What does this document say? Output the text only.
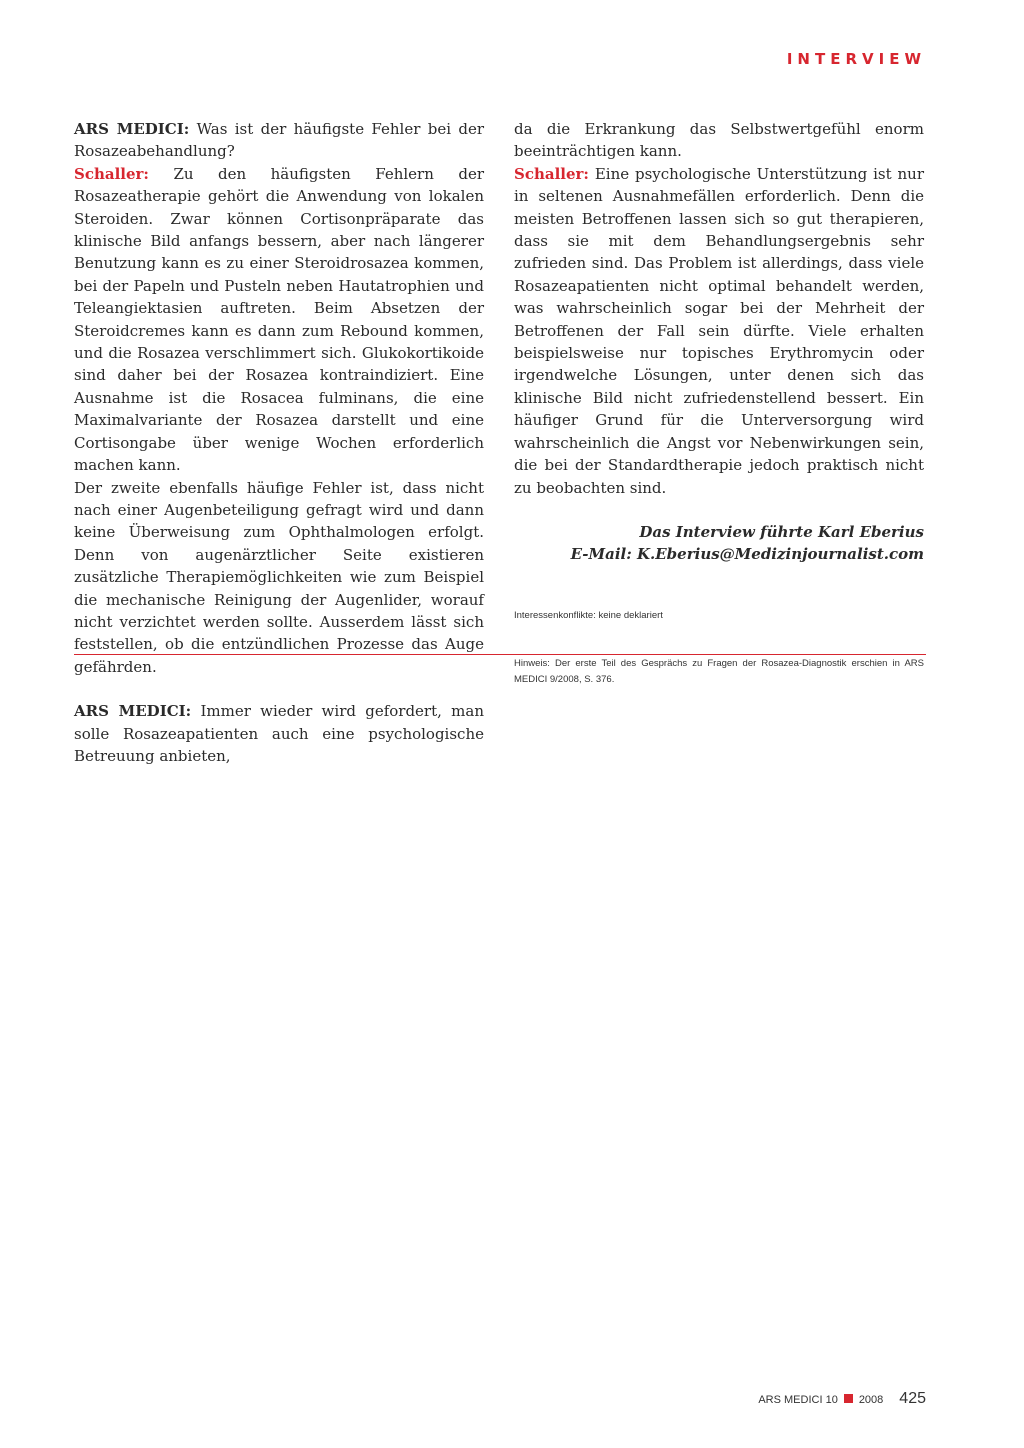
INTERVIEW

ARS MEDICI: Was ist der häufigste Fehler bei der Rosazeabehandlung?

Schaller: Zu den häufigsten Fehlern der Rosazeatherapie gehört die Anwendung von lokalen Steroiden. Zwar können Cortisonpräparate das klinische Bild anfangs bessern, aber nach längerer Benutzung kann es zu einer Steroidrosazea kommen, bei der Papeln und Pusteln neben Hautatrophien und Teleangiektasien auftreten. Beim Absetzen der Steroidcremes kann es dann zum Rebound kommen, und die Rosazea verschlimmert sich. Glukokortikoide sind daher bei der Rosazea kontraindiziert. Eine Ausnahme ist die Rosacea fulminans, die eine Maximalvariante der Rosazea darstellt und eine Cortisongabe über wenige Wochen erforderlich machen kann.

Der zweite ebenfalls häufige Fehler ist, dass nicht nach einer Augenbeteiligung gefragt wird und dann keine Überweisung zum Ophthalmologen erfolgt. Denn von augenärztlicher Seite existieren zusätzliche Therapiemöglichkeiten wie zum Beispiel die mechanische Reinigung der Augenlider, worauf nicht verzichtet werden sollte. Ausserdem lässt sich feststellen, ob die entzündlichen Prozesse das Auge gefährden.

ARS MEDICI: Immer wieder wird gefordert, man solle Rosazeapatienten auch eine psychologische Betreuung anbieten,

da die Erkrankung das Selbstwertgefühl enorm beeinträchtigen kann.

Schaller: Eine psychologische Unterstützung ist nur in seltenen Ausnahmefällen erforderlich. Denn die meisten Betroffenen lassen sich so gut therapieren, dass sie mit dem Behandlungsergebnis sehr zufrieden sind. Das Problem ist allerdings, dass viele Rosazeapatienten nicht optimal behandelt werden, was wahrscheinlich sogar bei der Mehrheit der Betroffenen der Fall sein dürfte. Viele erhalten beispielsweise nur topisches Erythromycin oder irgendwelche Lösungen, unter denen sich das klinische Bild nicht zufriedenstellend bessert. Ein häufiger Grund für die Unterversorgung wird wahrscheinlich die Angst vor Nebenwirkungen sein, die bei der Standardtherapie jedoch praktisch nicht zu beobachten sind.

Das Interview führte Karl Eberius
E-Mail: K.Eberius@Medizinjournalist.com
Interessenkonflikte: keine deklariert
Hinweis: Der erste Teil des Gesprächs zu Fragen der Rosazea-Diagnostik erschien in ARS MEDICI 9/2008, S. 376.
ARS MEDICI 10 2008 425
